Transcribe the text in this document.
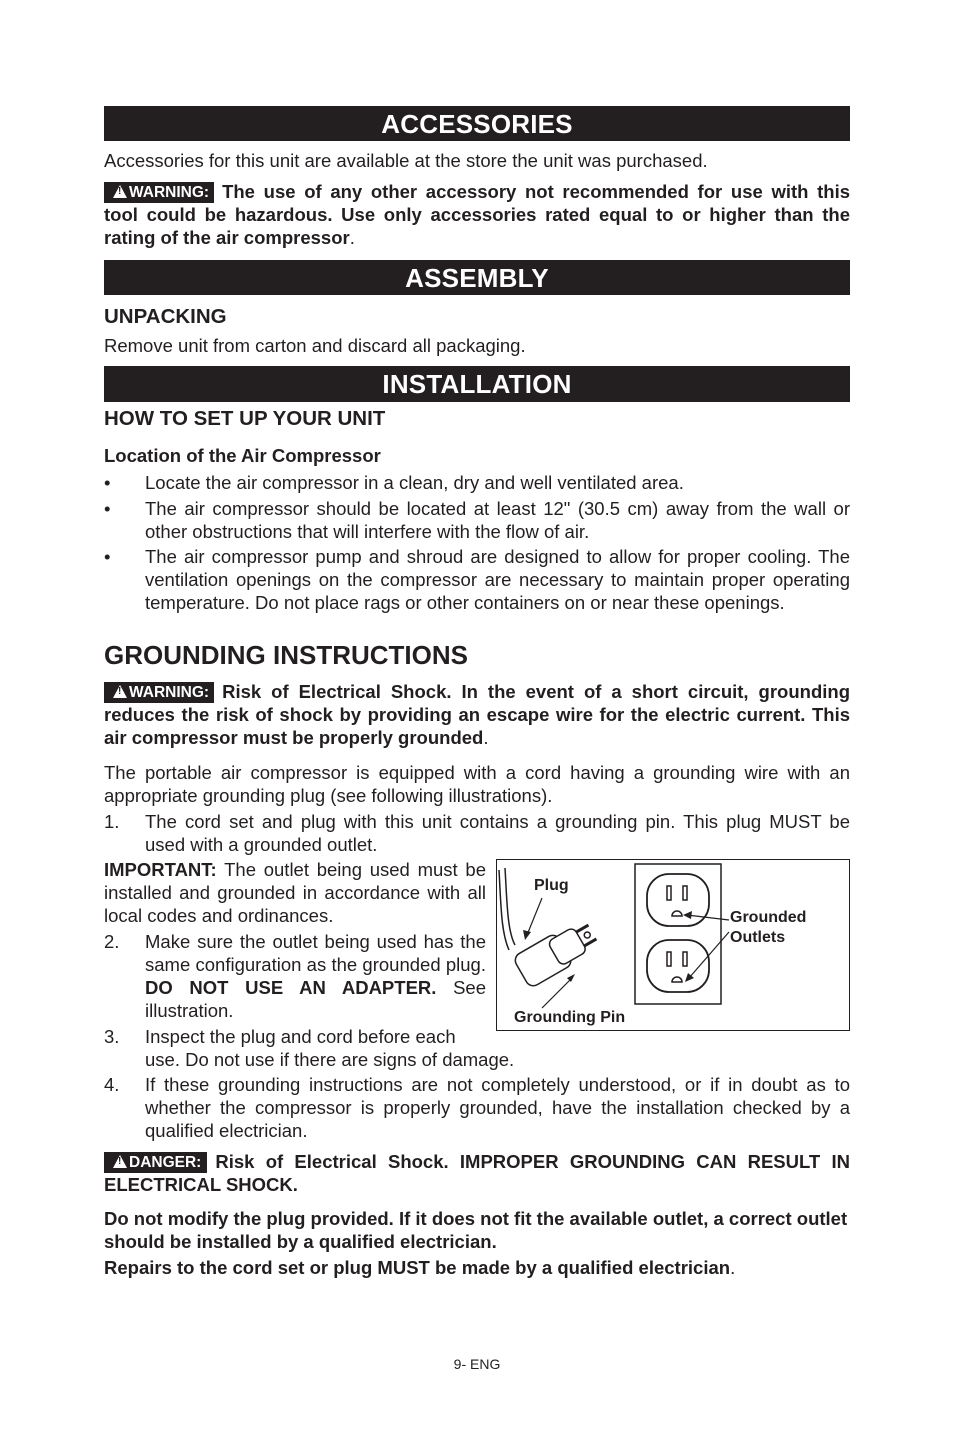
ACCESSORIES
Accessories for this unit are available at the store the unit was purchased.
!WARNING: The use of any other accessory not recommended for use with this tool could be hazardous. Use only accessories rated equal to or higher than the rating of the air compressor.
ASSEMBLY
UNPACKING
Remove unit from carton and discard all packaging.
INSTALLATION
HOW TO SET UP YOUR UNIT
Location of the Air Compressor
• Locate the air compressor in a clean, dry and well ventilated area.
• The air compressor should be located at least 12" (30.5 cm) away from the wall or other obstructions that will interfere with the flow of air.
• The air compressor pump and shroud are designed to allow for proper cooling. The ventilation openings on the compressor are necessary to maintain proper operating temperature. Do not place rags or other containers on or near these openings.
GROUNDING INSTRUCTIONS
!WARNING: Risk of Electrical Shock. In the event of a short circuit, grounding reduces the risk of shock by providing an escape wire for the electric current. This air compressor must be properly grounded.
The portable air compressor is equipped with a cord having a grounding wire with an appropriate grounding plug (see following illustrations).
1. The cord set and plug with this unit contains a grounding pin. This plug MUST be used with a grounded outlet.
IMPORTANT: The outlet being used must be installed and grounded in accordance with all local codes and ordinances.
2. Make sure the outlet being used has the same configuration as the grounded plug. DO NOT USE AN ADAPTER. See illustration.
3. Inspect the plug and cord before each
use. Do not use if there are signs of damage.
4. If these grounding instructions are not completely understood, or if in doubt as to whether the compressor is properly grounded, have the installation checked by a qualified electrician.
!DANGER: Risk of Electrical Shock. IMPROPER GROUNDING CAN RESULT IN ELECTRICAL SHOCK.
Do not modify the plug provided. If it does not fit the available outlet, a correct outlet should be installed by a qualified electrician.
Repairs to the cord set or plug MUST be made by a qualified electrician.
Plug
Grounding Pin
Grounded
Outlets
9- ENG
